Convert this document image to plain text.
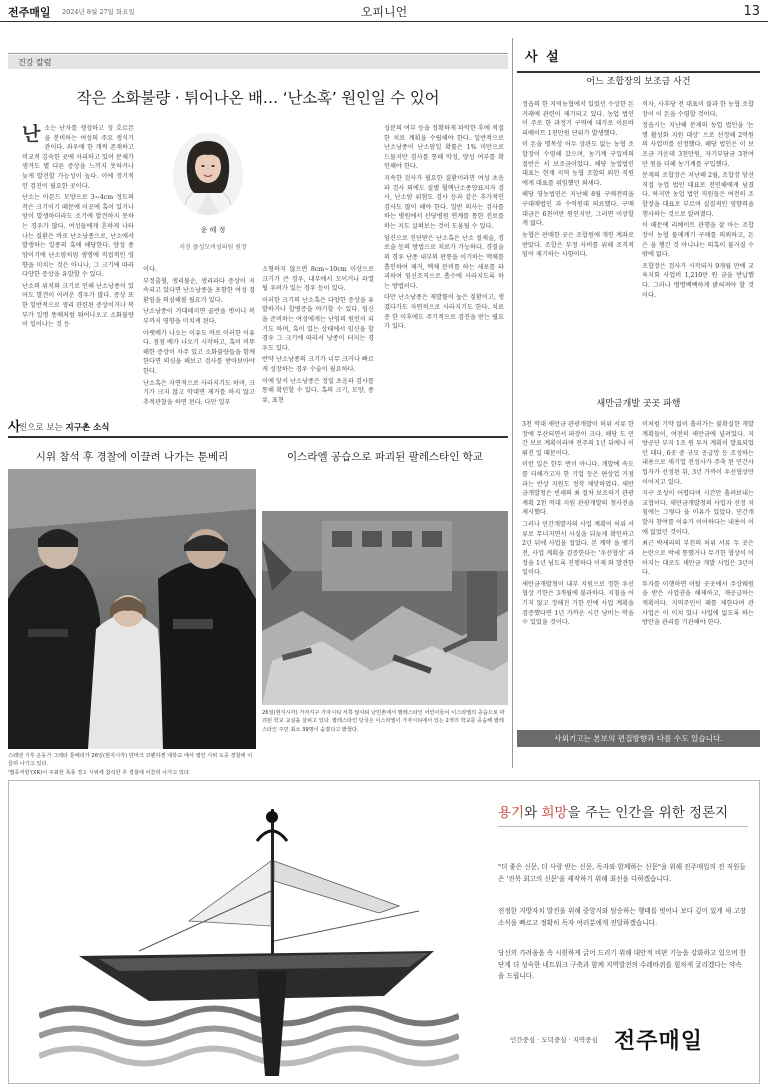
전주매일 2024년 8월 27일 화요일	오피니언	13
건강 칼럼
작은 소화불량 · 튀어나온 배… ‘난소혹’ 원인일 수 있어
난 소는 난자를 생성하고 성 호르몬을 분비하는 여성의 주요 생식기관이다. 좌우에 한 개씩 존재하고 비교적 깊숙한 곳에 자리하고 있어 문제가 생겨도 별 다른 증상을 느끼지 못하거나 늦게 발견할 가능성이 높다. 이에 정기적인 검진이 필요한 곳이다.

난소는 아몬드 모양으로 3~4cm 정도의 작은 크기이기 때문에 이곳에 혹이 있거나 암이 발생하더라도 조기에 발견하지 못하는 경우가 많다. 여성들에게 흔하게 나타나는 질환은 바로 난소낭종으로, 난소에서 발생하는 일종의 혹에 해당한다. 양성 종양이기에 난소암처럼 생명에 직접적인 영향을 미치는 것은 아니나, 그 크기에 따라 다양한 증상을 유발할 수 있다.

난소의 위치와 크기로 인해 난소낭종이 있어도 발견이 어려운 경우가 많다. 증상 또한 일반적으로 생리 관련된 증상이거나 복부가 일명 똥배처럼 튀어나오고 소화불량이 일어나는 것 등

윤 혜 정
서진 플성모여성의원 원장

이다.

부정출혈, 생리불순, 생리과다 증상이 지속되고 있다면 난소낭종을 포함한 여성 질환임을 의심해볼 필요가 있다.

난소낭종이 거대해지면 골반을 벗어나 복부까지 영향을 미치게 된다.

아랫배가 나오는 이유도 바로 이러한 이유다. 점점 배가 나오기 시작하고, 혹이 비뚜해한 증상이 자주 있고 소화불량들을 함께한다면 의심을 해보고 검사를 받아보아야 한다.

난소혹은 자연적으로 사라지기도 하며, 크기가 크지 않고 악대면 제거를 하지 않고 추적관찰을 하면 된다. 다만 일부

소형하지 않으면 8cm~10cm 이상으로 크기가 큰 경우, 내부에서 꼬이거나 파열될 우려가 있는 경우 등이 있다.

이러한 크기의 난소혹은 다양한 증상을 유발하거나 합병증을 야기할 수 있다. 임신을 준비하는 여성에게는 난임의 원인이 되기도 하며, 혹이 있는 상태에서 임신을 할 경우 그 크기에 따라서 낭종이 터지는 경우도 있다.

반약 난소낭종의 크기가 너무 크거나 빠르게 성장하는 경우 수술이 필요하다.

이에 앞서 난소낭종은 정밀 초음파 검사를 통해 확인할 수 있다. 혹의 크기, 모양, 종류, 표현

성분의 여부 등을 정확하게 파악한 후에 적절한 치료 계획을 수립해야 한다. 일반적으로 난소낭종이 난소암일 확률은 1% 미만으로 드물지만 검사를 통해 악성, 양성 여부를 확인해야 한다.

지속한 검사가 필요한 질환이라면 여성 초음파 검사 외에도 질별 혈액난소종양표지자 검사, 난소암 위험도 검사 등과 같은 추가적인 검사도 많이 해야 한다. 일반 의사는 검사를 하는 병원에서 산당병원 연계를 통한 진료를 하는 지도 살펴보는 것이 도움될 수 있다.

임신으로 진단받은 난소혹은 난소 절제술, 경로술 등의 방법으로 치료가 가능하다. 경질술의 경우 난종 내부의 판통을 이기하는 액체를 흡인하여 제거, 액체 분비를 하는 세포를 파괴하여 임신조직으로 흡수에 사라지도록 하는 방법이다.

다만 난소낭종은 재발률이 높은 질환이고, 생겼다가도 자연적으로 사라지기도 한다. 치료 중 한 이후에도 주기적으로 검진을 받는 필요가 있다.

사
진으로 보는 지구촌 소식
시위 참석 후 경찰에 이끌려 나가는 툰베리	이스라엘 공습으로 파괴된 팔레스타인 학교
스웨덴 기후 운동가 그레타 툰베리가 26일(현지시각) 덴마크 코펜하겐 대학교 에서 열린 시위 도중 경찰에 이끌려 나가고 있다.
'멸종저항'(XR)이 주최한 폭풍 경고 시위에 참석한 후 경찰에 이끌려 나가고 있다.
26일(현지시각) 가자지구 가자시티 서쪽 알샤티 난민촌에서 팔레스타인 어린이들이 이스라엘의 공습으로 파괴된 학교 교실을 살피고 있다. 팔레스타인 당국은 이스라엘이 가자시티에서 있는 2개의 학교를 공습해 팔레스타인 주민 최소 39명이 숨졌다고 밝혔다.
사 설
어느 조합장의 보조금 사건

정읍의 한 지역농협에서 있었던 수상한 돈거래에 관련이 제기되고 있다. 농업 법인이 주로 한 과정기 구역에 대가로 이른바 리베이트 1천만원 단위가 발생했다.

이 돈을 명목상 어두 상관도 없는 농협 조합장이 수령해 갔으며, 농기계 구입비의 절반은 서 보조금이었다. 해당 농업법인 대표는 현재 지역 농협 조합의 외인 직원에게 대표를 위임했던 외세다.

해당 영농법인은 지난해 8월 구매전력을 구대매법인 과 수억원대 의료했다. 구매 대금은 6천여만 원인지만, 그러면 이상할 게 없다.

농협은 판매한 곳은 조합원에 개인 계좌로 받았다. 조합은 부정 사비를 위해 조직적 임어 제기하는 사항이다.

직자, 사후당 전 대표이 불과 한 농협 조합장이 이 돈을 수령할 것이다.

정읍시는 지난해 문제의 농업 법인을 '논명 활성화 지원 대상' 으로 선정해 2억원의 사업비를 선정했다. 해당 법인은 이 보조금 가운데 3천만원, 자기부담금 3천여만 원을 더해 농기계를 구입했다.

문제의 조합장은 지난해 2월, 조합장 당선 직접 농업 법인 대표로 전인해에게 넘겼다. 하지만 농업 법인 직원들은 여전히 조합장을 대표로 부르며 실질적인 영향력을 행사하는 것으로 알려졌다.

이 때문에 리베이트 관행을 잘 아는 조합장이 농협 물매계기 구매를 의뢰하고, 돈은 을 챙긴 것 아니냐는 의혹이 불거질 수밖에 없다.

조합장은 검사가 시작되자 9개월 만에 교육지회 사업비 1,210만 원 금을 반납했다. 그러나 명명백백하게 밝혀져야 할 것이다.

새만금개발 곳곳 파행

3천 억대 새만금 관광개발이 허위 서류 한 장에 무산되면서 파장이 크다. 해당 도 민간 보로 계획이라며 전주의 1년 뒤에나 이뤄진 일 때문이다.

이런 일은 한두 번이 아니다. 개발에 속도를 더해가고자 한 기업 등은 편상업 거점과는 반상 지원도 정작 제앗하였다. 새만금개발청은 빈세의 최 절차 보조하기 관광계획 2천 억대 지원 관광개발의 청사진을 제시했다.

그러나 민간개발자의 사업 계획이 허위 서류로 무너지면서 사실을 뒤늦게 확인하고 2년 뒤에 사업을 접었다. 본 계약 을 맺기 전, 사업 계획을 검증한다는 '우선협상' 과정을 1년 넘도록 진행하다 이제 와 발견한 일이다.

새만금개발청이 내부 지원으로 정한 우선협상 기한은 3개월에 불과하다. 지침을 어기지 않고 정해진 기한 안에 사업 계획을 검증했다면 1년 가까운 시간 낭비는 막을 수 있었을 것이다.

이처럼 기약 없이 흘러가는 불확실한 개발 계획들이, 여전히 새만금에 널려있다. 지방공단 부지 1조 원 투자 계획이 발표되었던 데다, 6곳 중 규모 공급망 등 조성하는 내용으로 새기업 전성사가 주축 된 민간사업자가 선정된 뒤, 3년 가까이 우선협상만 이어지고 있다.

지구 조성이 어렵다며 시간만 흘려보내는 교협이다. 새만금개발청의 사업자 선정 지침에는 그렇다 을 이유가 있었다. 민간개발자 참여를 이유가 이어하다는 내용이 이에 없었던 것이다.

최근 박세리의 부친의 허위 서류 두 곳은 논란으로 박세 통했거나 무기한 협상이 이어지는 대로도 새만금 개발 사업은 3년이다.

투자를 이행하면 이탈 곳곳에서 주상웨원을 받은 사업권을 해제하고, 재공급하는 게획이다. 지역주민이 패를 제한다며 관 사업은 이 이치 있나 사업에 없도록 하는 방안을 관리를 기관해야 한다.

사외기고는 본보의 편집방향과 다를 수도 있습니다.
용기와 희망을 주는 인간을 위한 정론지
"더 좋은 신문, 더 사랑 받는 신문, 독자와 함께하는 신문"을 위해 전주매일의 전 직원들은 '전북 최고의 신문'을 제작하기 위해 최선을 다하겠습니다.
진정한 지방자치 발전을 위해 중앙지와 탐승하는 행태를 벗어나 보다 깊이 있게 새 고장 소식을 빠르고 정확히 독자 여러분에게 전달하겠습니다.
당신의 가려움을 속 시원하게 긁어 드리기 위해 대안적 비판 기능을 강화하고 있으며 한 단계 더 성숙한 네트워크 구축과 함께 지역발전의 수레바퀴를 힘차게 굴리겠다는 약속을 드립니다.
인간중심 · 도덕중심 · 지역중심 전주매일
